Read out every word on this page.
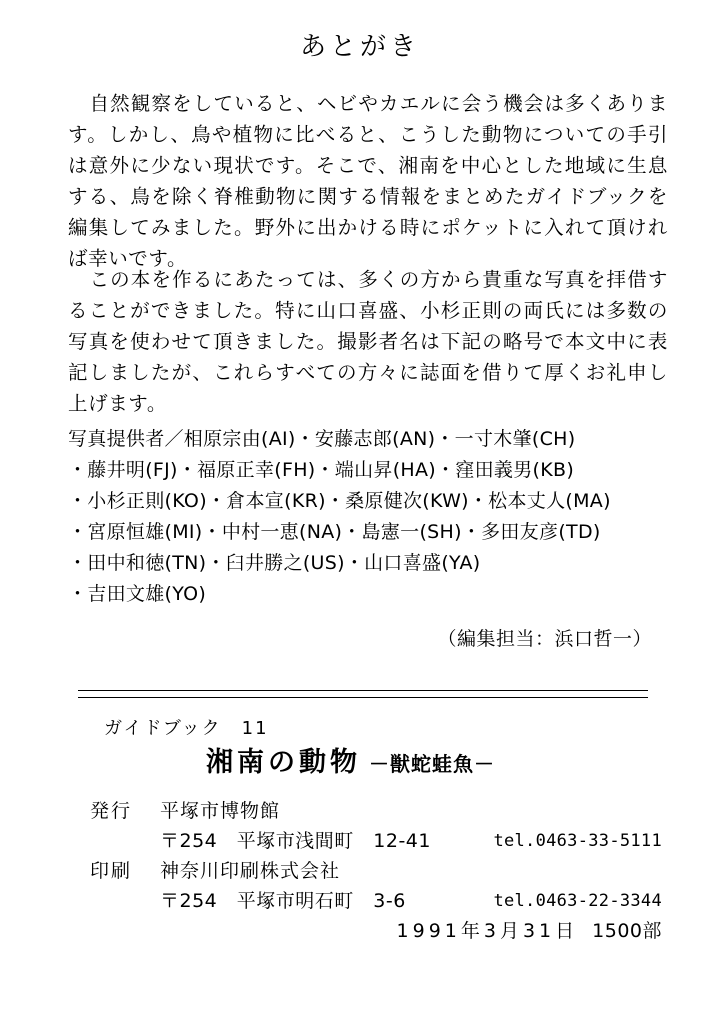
あとがき

自然観察をしていると、ヘビやカエルに会う機会は多くあります。しかし、鳥や植物に比べると、こうした動物についての手引は意外に少ない現状です。そこで、湘南を中心とした地域に生息する、鳥を除く脊椎動物に関する情報をまとめたガイドブックを編集してみました。野外に出かける時にポケットに入れて頂ければ幸いです。

この本を作るにあたっては、多くの方から貴重な写真を拝借することができました。特に山口喜盛、小杉正則の両氏には多数の写真を使わせて頂きました。撮影者名は下記の略号で本文中に表記しましたが、これらすべての方々に誌面を借りて厚くお礼申し上げます。

写真提供者／相原宗由(AI)・安藤志郎(AN)・一寸木肇(CH)
・藤井明(FJ)・福原正幸(FH)・端山昇(HA)・窪田義男(KB)
・小杉正則(KO)・倉本宣(KR)・桑原健次(KW)・松本丈人(MA)
・宮原恒雄(MI)・中村一恵(NA)・島憲一(SH)・多田友彦(TD)
・田中和徳(TN)・臼井勝之(US)・山口喜盛(YA)
・吉田文雄(YO)
（編集担当：浜口哲一）
ガイドブック　11
湘南の動物 －獣蛇蛙魚－
発行 平塚市博物館
〒254　平塚市浅間町　12-41	tel.0463-33-5111
印刷 神奈川印刷株式会社
〒254　平塚市明石町　3-6	tel.0463-22-3344
1991年3月31日 1500部
